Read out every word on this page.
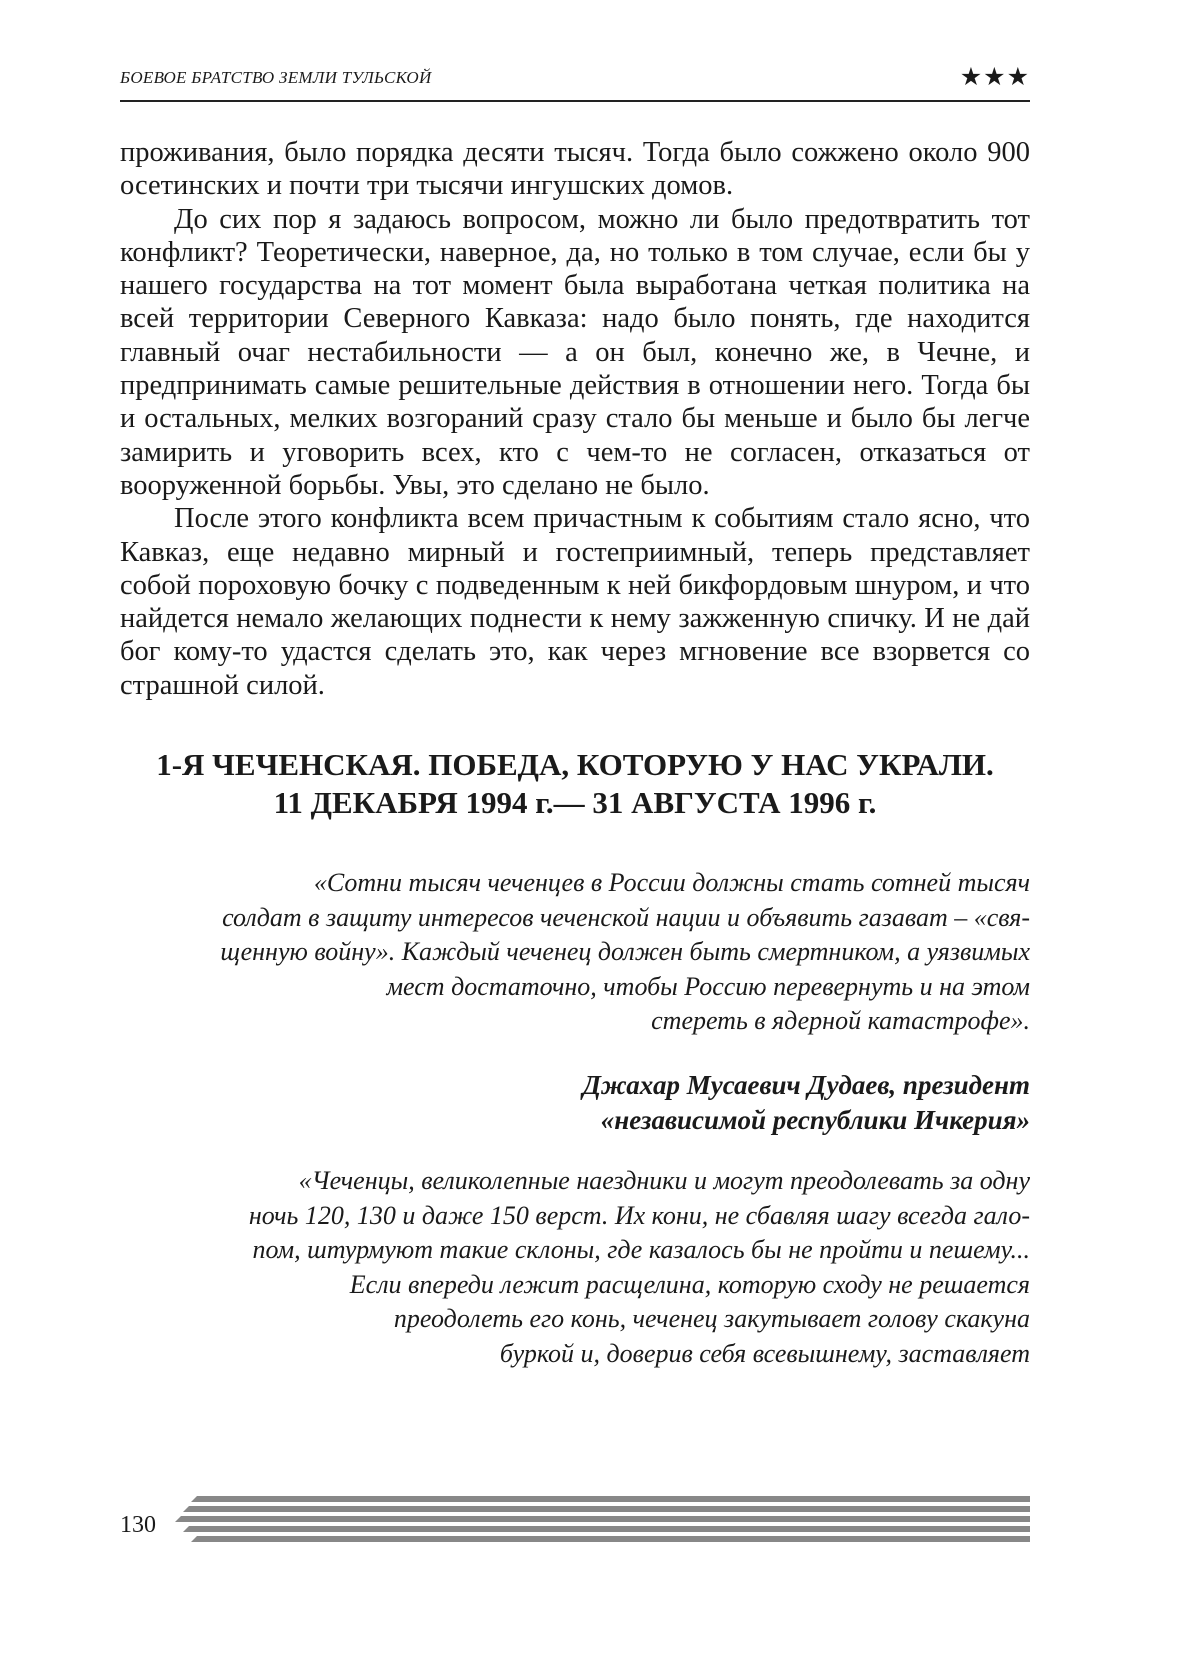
БОЕВОЕ БРАТСТВО ЗЕМЛИ ТУЛЬСКОЙ	★★★

проживания, было порядка десяти тысяч. Тогда было сожжено около 900 осетинских и почти три тысячи ингушских домов.

До сих пор я задаюсь вопросом, можно ли было предотвратить тот конфликт? Теоретически, наверное, да, но только в том случае, если бы у нашего государства на тот момент была выработана четкая политика на всей территории Северного Кавказа: надо было понять, где находится главный очаг нестабильности — а он был, конечно же, в Чечне, и предпринимать самые решительные действия в отношении него. Тогда бы и остальных, мелких возгораний сразу стало бы меньше и было бы легче замирить и уговорить всех, кто с чем-то не согласен, отказаться от вооруженной борьбы. Увы, это сделано не было.

После этого конфликта всем причастным к событиям стало ясно, что Кавказ, еще недавно мирный и гостеприимный, теперь представляет собой пороховую бочку с подведенным к ней бикфордовым шнуром, и что найдется немало желающих поднести к нему зажженную спичку. И не дай бог кому-то удастся сделать это, как через мгновение все взорвется со страшной силой.

1-Я ЧЕЧЕНСКАЯ. ПОБЕДА, КОТОРУЮ У НАС УКРАЛИ.
11 ДЕКАБРЯ 1994 г.— 31 АВГУСТА 1996 г.
«Сотни тысяч чеченцев в России должны стать сотней тысяч
солдат в защиту интересов чеченской нации и объявить газават – «свя-
щенную войну». Каждый чеченец должен быть смертником, а уязвимых
мест достаточно, чтобы Россию перевернуть и на этом
стереть в ядерной катастрофе».
Джахар Мусаевич Дудаев, президент
«независимой республики Ичкерия»
«Чеченцы, великолепные наездники и могут преодолевать за одну
ночь 120, 130 и даже 150 верст. Их кони, не сбавляя шагу всегда гало-
пом, штурмуют такие склоны, где казалось бы не пройти и пешему...
Если впереди лежит расщелина, которую сходу не решается
преодолеть его конь, чеченец закутывает голову скакуна
буркой и, доверив себя всевышнему, заставляет
130
